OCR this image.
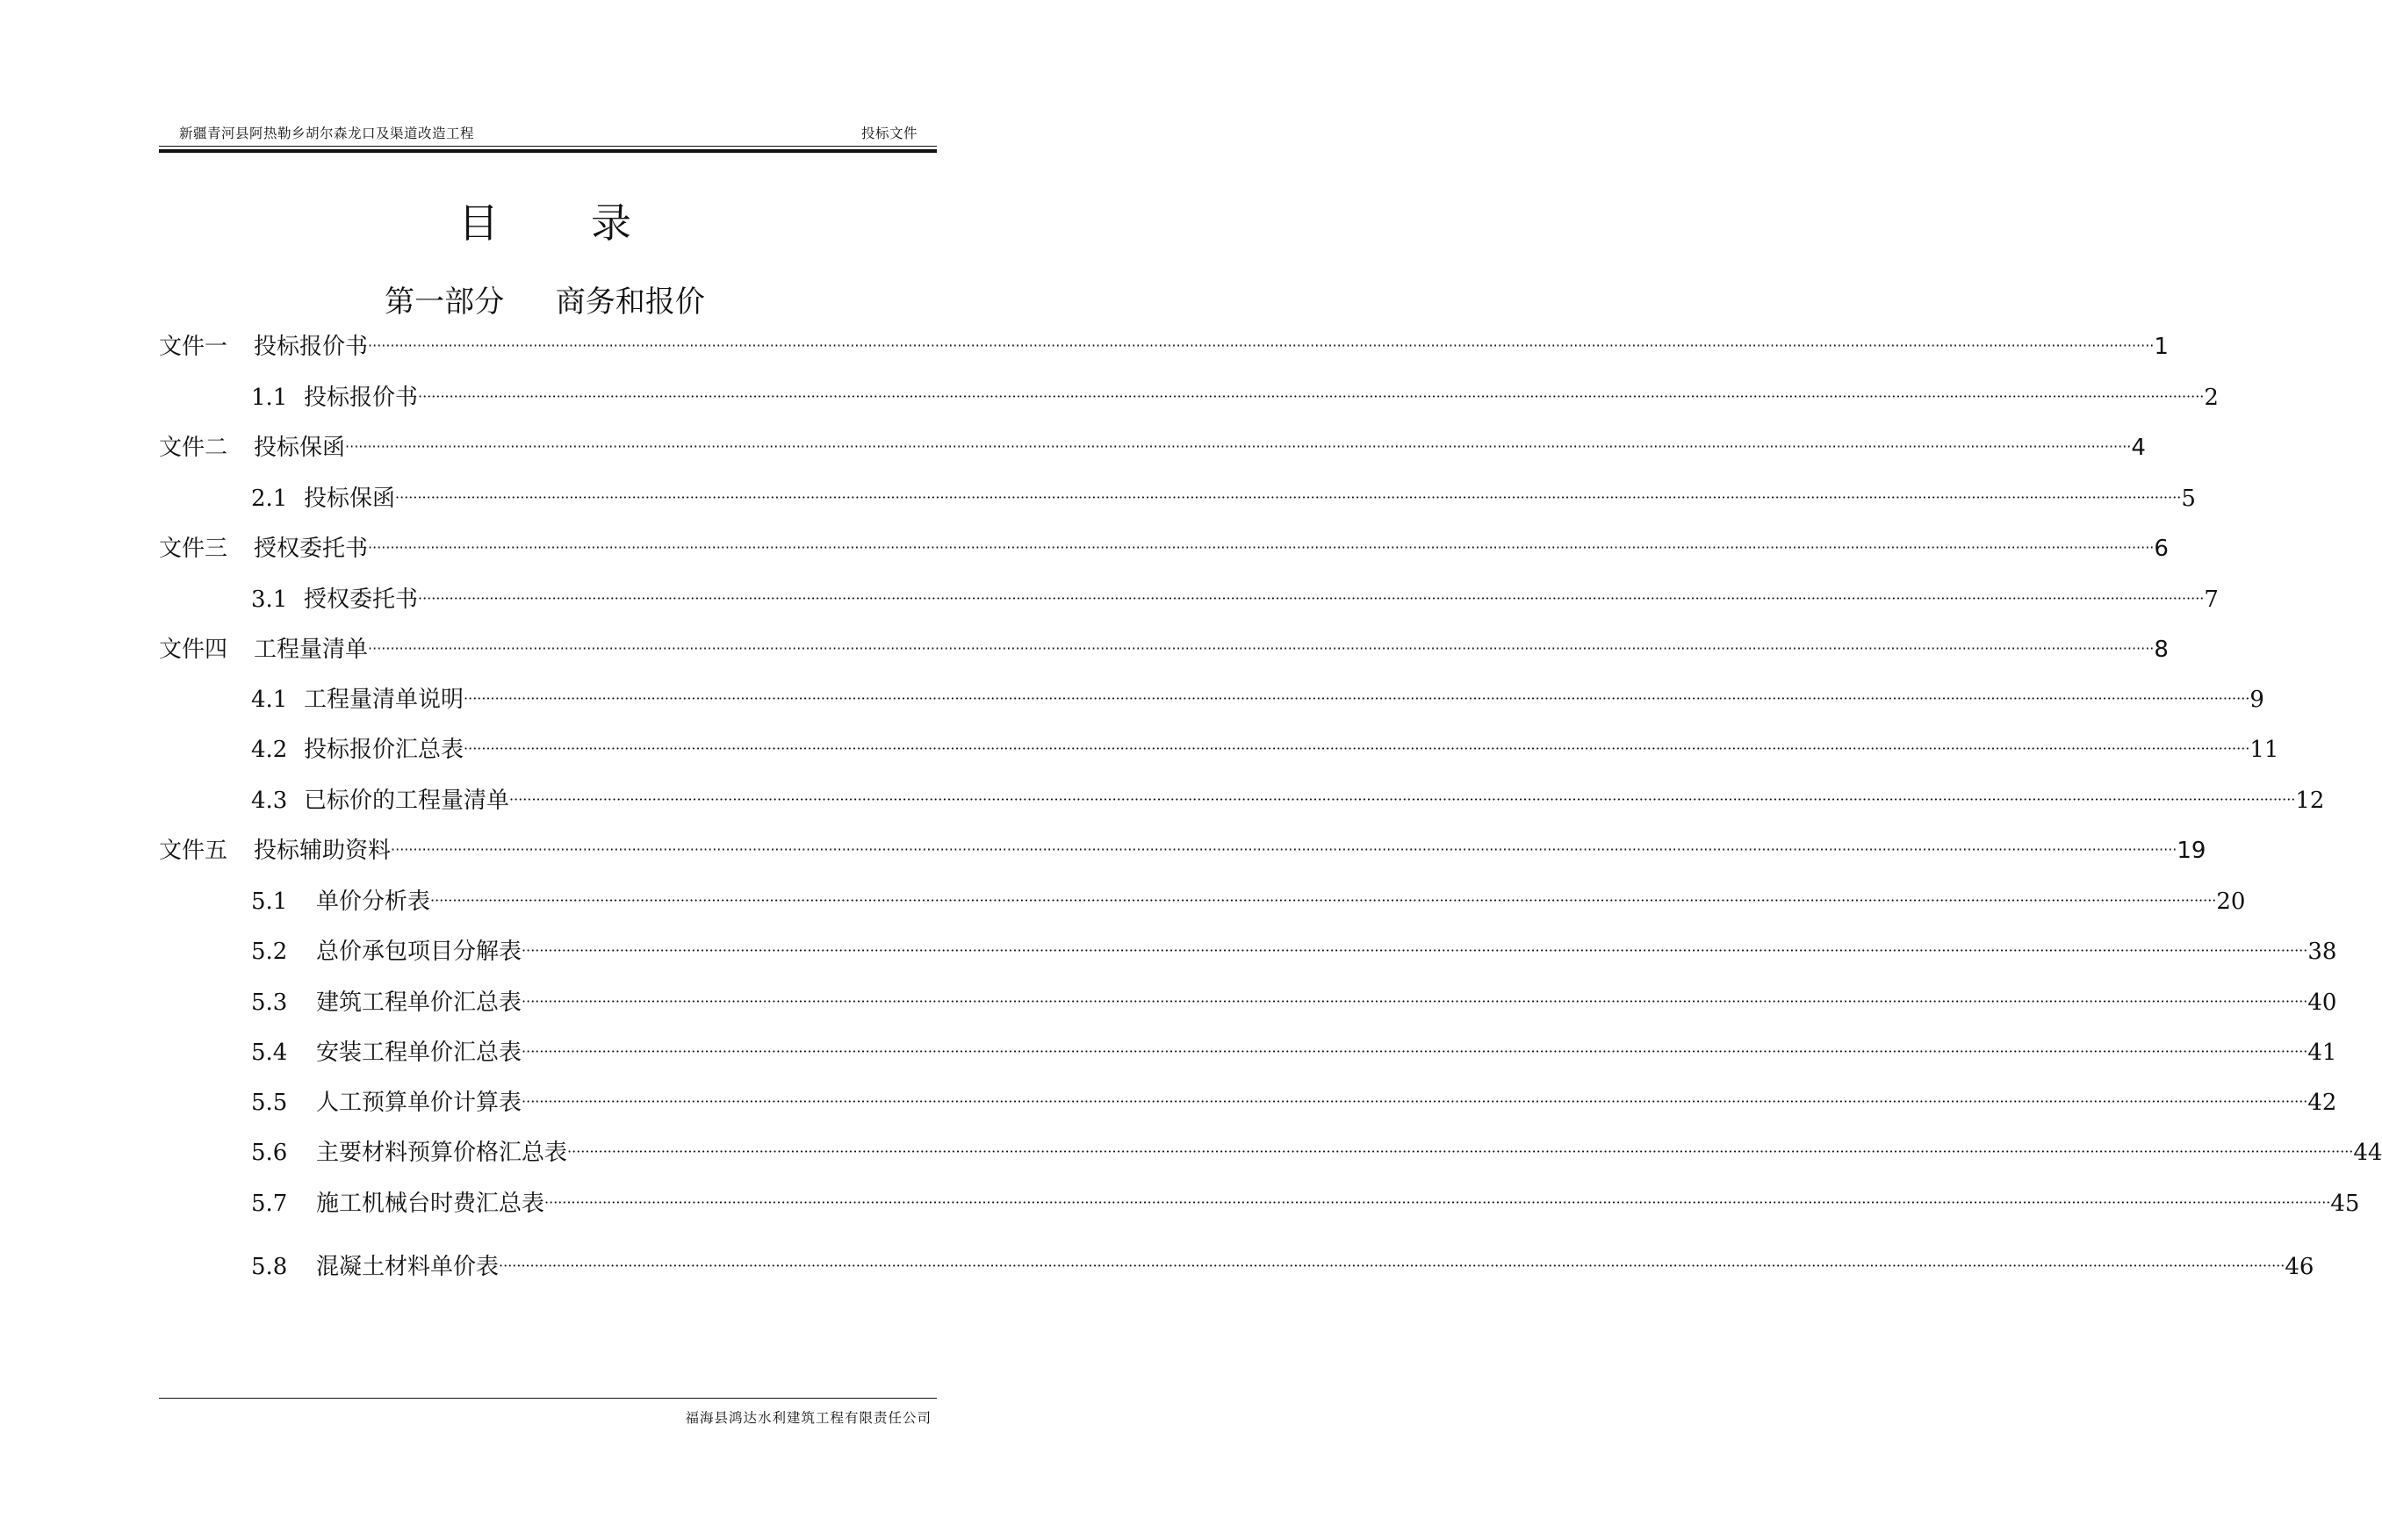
新疆青河县阿热勒乡胡尔森龙口及渠道改造工程	投标文件
目录
第一部分 商务和报价
文件一	投标报价书 ················································································································································································································································································································································································································ 1
1.1 投标报价书 ················································································································································································································································································································································································································ 2
文件二	投标保函 ················································································································································································································································································································································································································ 4
2.1 投标保函 ················································································································································································································································································································································································································ 5
文件三	授权委托书 ················································································································································································································································································································································································································ 6
3.1 授权委托书 ················································································································································································································································································································································································································ 7
文件四	工程量清单 ················································································································································································································································································································································································································ 8
4.1 工程量清单说明 ················································································································································································································································································································································································································ 9
4.2 投标报价汇总表 ················································································································································································································································································································································································································ 11
4.3 已标价的工程量清单 ················································································································································································································································································································································································································ 12
文件五	投标辅助资料 ················································································································································································································································································································································································································ 19
5.1	单价分析表 ················································································································································································································································································································································································································ 20
5.2	总价承包项目分解表 ················································································································································································································································································································································································································ 38
5.3	建筑工程单价汇总表 ················································································································································································································································································································································································································ 40
5.4	安装工程单价汇总表 ················································································································································································································································································································································································································ 41
5.5	人工预算单价计算表 ················································································································································································································································································································································································································ 42
5.6	主要材料预算价格汇总表 ················································································································································································································································································································································································································ 44
5.7	施工机械台时费汇总表 ················································································································································································································································································································································································································ 45
5.8	混凝土材料单价表 ················································································································································································································································································································································································································ 46
福海县鸿达水利建筑工程有限责任公司
